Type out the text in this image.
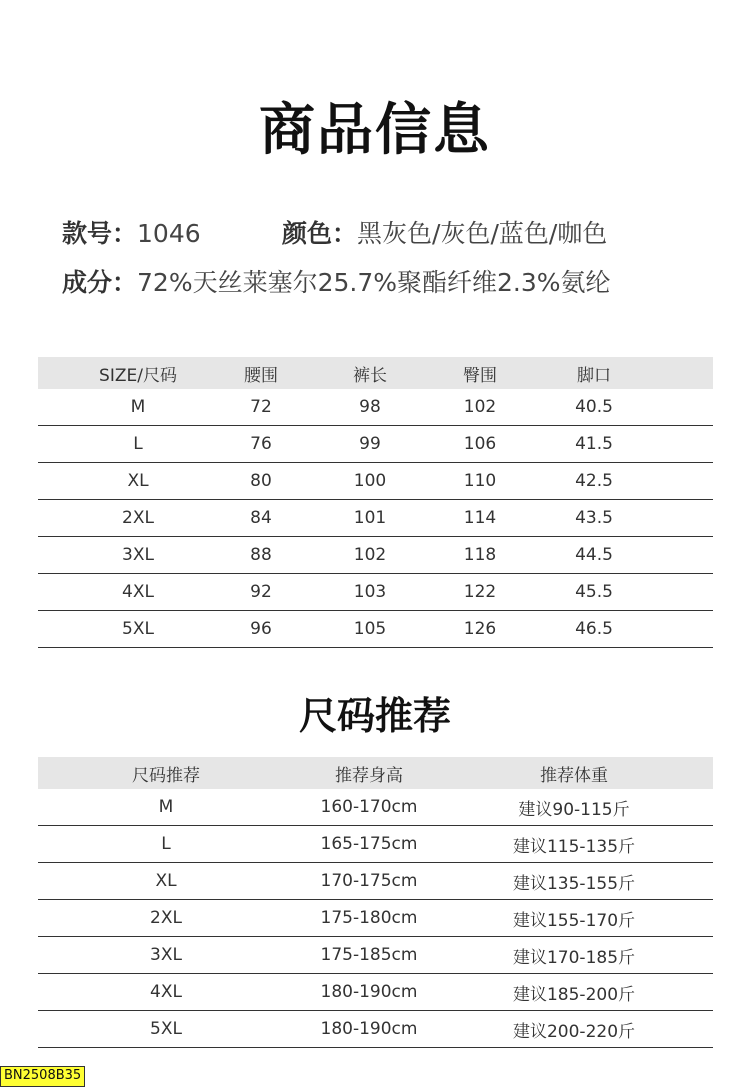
商品信息
款号：1046	颜色：黑灰色/灰色/蓝色/咖色
成分：72%天丝莱塞尔25.7%聚酯纤维2.3%氨纶
SIZE/尺码	腰围	裤长	臀围	脚口
M	72	98	102	40.5
L	76	99	106	41.5
XL	80	100	110	42.5
2XL	84	101	114	43.5
3XL	88	102	118	44.5
4XL	92	103	122	45.5
5XL	96	105	126	46.5
尺码推荐
尺码推荐	推荐身高	推荐体重
M	160-170cm	建议90-115斤
L	165-175cm	建议115-135斤
XL	170-175cm	建议135-155斤
2XL	175-180cm	建议155-170斤
3XL	175-185cm	建议170-185斤
4XL	180-190cm	建议185-200斤
5XL	180-190cm	建议200-220斤
BN2508B35
